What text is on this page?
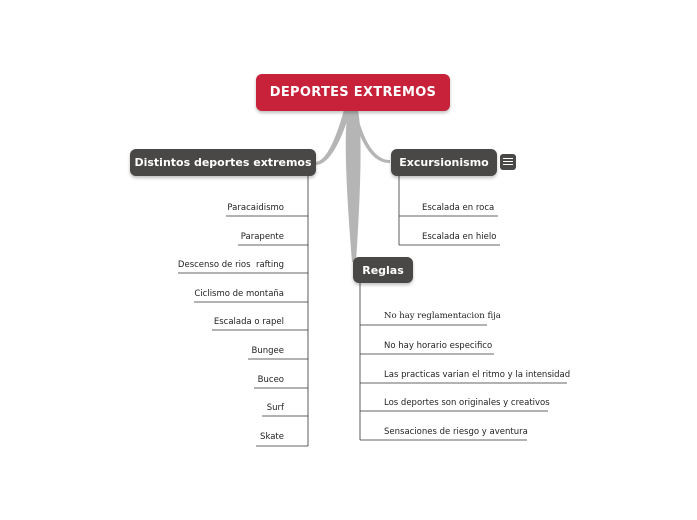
DEPORTES EXTREMOS
Distintos deportes extremos	Excursionismo
Reglas
Paracaidismo
Parapente
Descenso de rios  rafting
Ciclismo de montaña
Escalada o rapel
Bungee
Buceo
Surf
Skate
Escalada en roca
Escalada en hielo
No hay reglamentacion fija
No hay horario especifico
Las practicas varian el ritmo y la intensidad
Los deportes son originales y creativos
Sensaciones de riesgo y aventura
